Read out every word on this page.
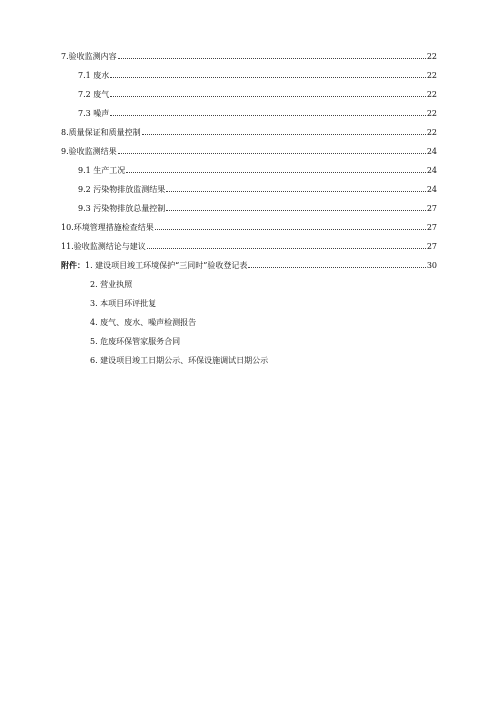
7.验收监测内容	22
7.1 废水	22
7.2 废气	22
7.3 噪声	22
8.质量保证和质量控制	22
9.验收监测结果	24
9.1 生产工况	24
9.2 污染物排放监测结果	24
9.3 污染物排放总量控制	27
10.环境管理措施检查结果	27
11.验收监测结论与建议	27
附件： 1. 建设项目竣工环境保护“三同时”验收登记表	30
2. 营业执照
3. 本项目环评批复
4. 废气、废水、噪声检测报告
5. 危废环保管家服务合同
6. 建设项目竣工日期公示、环保设施调试日期公示
